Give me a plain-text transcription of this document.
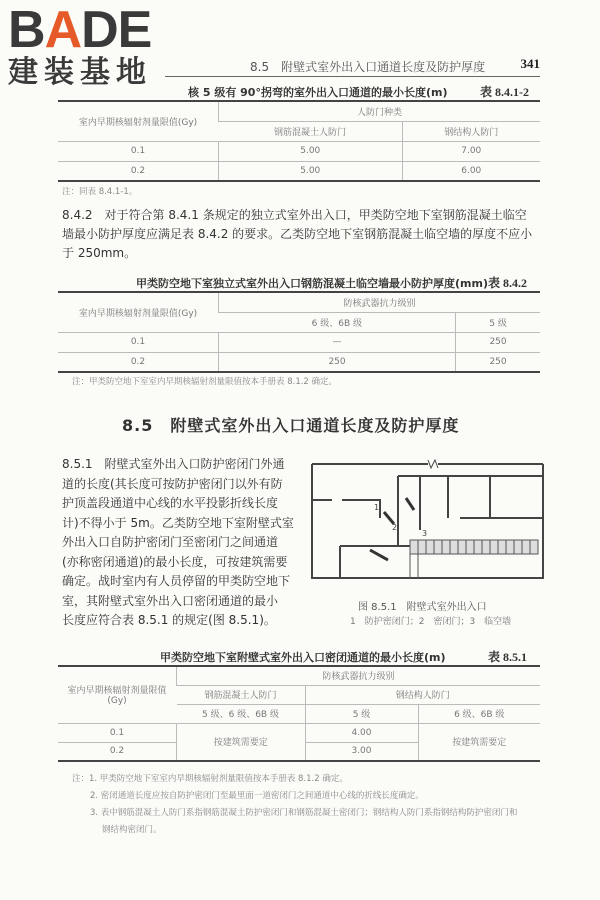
BADE
建装基地	8.5　附壁式室外出入口通道长度及防护厚度	341
核 5 级有 90°拐弯的室外出入口通道的最小长度(m)	表 8.4.1-2
室内早期核辐射剂量限值(Gy)	人防门种类	
	钢筋混凝土人防门	钢结构人防门
0.1	5.00	7.00
0.2	5.00	6.00
注：同表 8.4.1-1。
8.4.2　对于符合第 8.4.1 条规定的独立式室外出入口，甲类防空地下室钢筋混凝土临空
墙最小防护厚度应满足表 8.4.2 的要求。乙类防空地下室钢筋混凝土临空墙的厚度不应小
于 250mm。
甲类防空地下室独立式室外出入口钢筋混凝土临空墙最小防护厚度(mm) 表 8.4.2
室内早期核辐射剂量限值(Gy)	防核武器抗力级别	
	6 级、6B 级	5 级
0.1	—	250
0.2	250	250
注：甲类防空地下室室内早期核辐射剂量限值按本手册表 8.1.2 确定。
8.5　附壁式室外出入口通道长度及防护厚度
8.5.1　附壁式室外出入口防护密闭门外通
道的长度(其长度可按防护密闭门以外有防
护顶盖段通道中心线的水平投影折线长度
计)不得小于 5m。乙类防空地下室附壁式室
外出入口自防护密闭门至密闭门之间通道
(亦称密闭通道)的最小长度，可按建筑需要
确定。战时室内有人员停留的甲类防空地下
室，其附壁式室外出入口密闭通道的最小
长度应符合表 8.5.1 的规定(图 8.5.1)。
1
2
3
图 8.5.1　附壁式室外出入口
1　防护密闭门；2　密闭门；3　临空墙
甲类防空地下室附壁式室外出入口密闭通道的最小长度(m)	表 8.5.1
室内早期核辐射剂量限值(Gy)	防核武器抗力级别		
	钢筋混凝土人防门	钢结构人防门	
	5 级、6 级、6B 级	5 级	6 级、6B 级
0.1	按建筑需要定	4.00	按建筑需要定
0.2		3.00	
注：1. 甲类防空地下室室内早期核辐射剂量限值按本手册表 8.1.2 确定。
2. 密闭通道长度应按自防护密闭门至最里面一道密闭门之间通道中心线的折线长度确定。
3. 表中钢筋混凝土人防门系指钢筋混凝土防护密闭门和钢筋混凝土密闭门；钢结构人防门系指钢结构防护密闭门和
钢结构密闭门。
